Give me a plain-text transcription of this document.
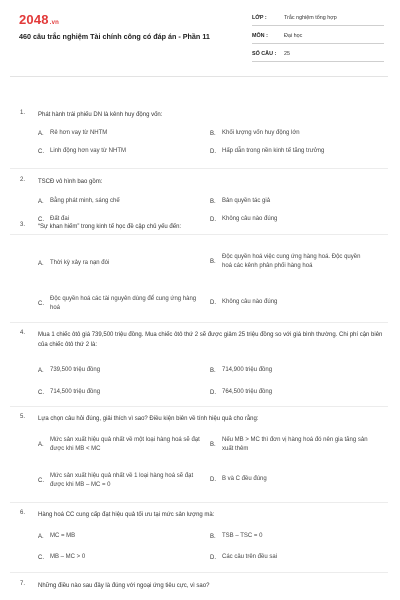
2048.vn
460 câu trắc nghiệm Tài chính công có đáp án - Phần 11
LỚP :	Trắc nghiệm tổng hợp
MÔN :	Đại học
SỐ CÂU : 25
1. Phát hành trái phiếu DN là kênh huy động vốn:
A.	Rẻ hơn vay từ NHTM	B.	Khối lượng vốn huy động lớn
C.	Linh động hơn vay từ NHTM	D.	Hấp dẫn trong nền kinh tế tăng trưởng
2. TSCĐ vô hình bao gồm:
A.	Bằng phát minh, sáng chế	B.	Bản quyền tác giả
C.	Đất đai	D.	Không câu nào đúng
3. “Sự khan hiếm” trong kinh tế học đề cập chủ yếu đến:
A.	Thời kỳ xảy ra nạn đói	B.
Độc quyền hoá việc cung ứng hàng hoá. Độc quyền hoá các kênh phân phối hàng hoá
C.
Độc quyền hoá các tài nguyên dùng để cung ứng hàng hoá
D.	Không câu nào đúng
4. Mua 1 chiếc ôtô giá 739,500 triệu đồng. Mua chiếc ôtô thứ 2 sẽ được giảm 25 triệu đồng so với giá bình thường. Chi phí cận biên của chiếc ôtô thứ 2 là:
A.	739,500 triệu đồng	B.	714,900 triệu đồng
C.	714,500 triệu đồng	D.	764,500 triệu đồng
5. Lựa chọn câu hỏi đúng, giải thích vì sao? Điều kiện biên về tính hiệu quả cho rằng:
A.
Mức sản xuất hiệu quả nhất về một loại hàng hoá sẽ đạt được khi MB < MC
B.
Nếu MB > MC thì đơn vị hàng hoá đó nên gia tăng sản xuất thêm
C.
Mức sản xuất hiệu quả nhất về 1 loại hàng hoá sẽ đạt được khi MB – MC = 0
D.	B và C đều đúng
6. Hàng hoá CC cung cấp đạt hiệu quả tối ưu tại mức sản lượng mà:
A.	MC = MB	B.	TSB – TSC = 0
C.	MB – MC > 0	D.	Các câu trên đều sai
7. Những điều nào sau đây là đúng với ngoại ứng tiêu cực, vì sao?
